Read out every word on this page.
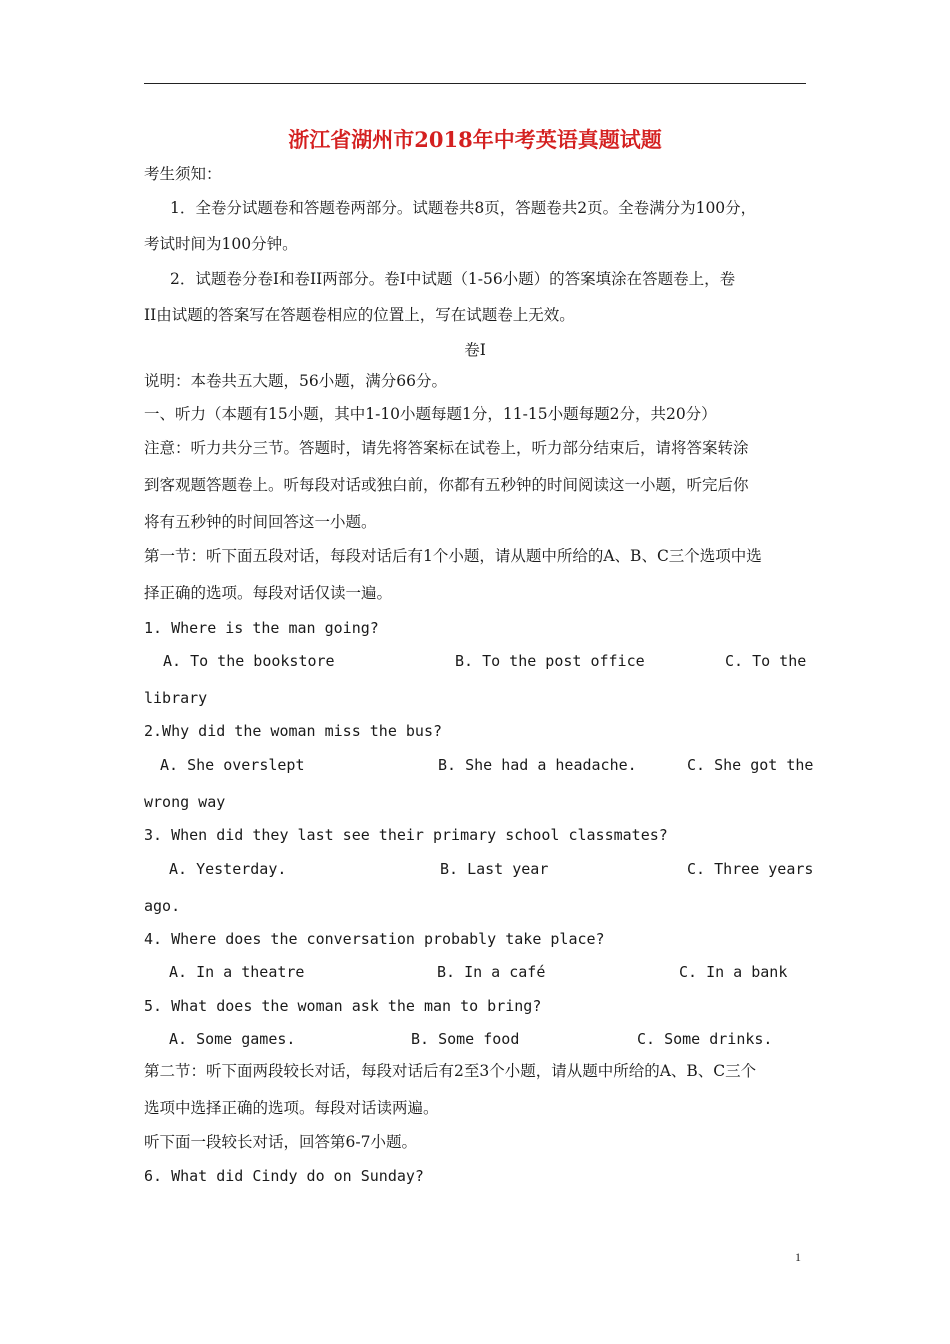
浙江省湖州市2018年中考英语真题试题
考生须知：
1．全卷分试题卷和答题卷两部分。试题卷共8页，答题卷共2页。全卷满分为100分，
考试时间为100分钟。
2．试题卷分卷Ⅰ和卷II两部分。卷Ⅰ中试题（1-56小题）的答案填涂在答题卷上，卷
II由试题的答案写在答题卷相应的位置上，写在试题卷上无效。
卷Ⅰ
说明：本卷共五大题，56小题，满分66分。
一、听力（本题有15小题，其中1-10小题每题1分，11-15小题每题2分，共20分）
注意：听力共分三节。答题时，请先将答案标在试卷上，听力部分结束后，请将答案转涂
到客观题答题卷上。听每段对话或独白前，你都有五秒钟的时间阅读这一小题，听完后你
将有五秒钟的时间回答这一小题。
第一节：听下面五段对话，每段对话后有1个小题，请从题中所给的A、B、C三个选项中选
择正确的选项。每段对话仅读一遍。
1. Where is the man going?
A. To the bookstore	B. To the post office	C. To the
library
2.Why did the woman miss the bus?
A. She overslept	B. She had a headache.	C. She got the
wrong way
3. When did they last see their primary school classmates?
A. Yesterday.	B. Last year	C. Three years
ago.
4. Where does the conversation probably take place?
A. In a theatre	B. In a café	C. In a bank
5. What does the woman ask the man to bring?
A. Some games.	B. Some food	C. Some drinks.
第二节：听下面两段较长对话，每段对话后有2至3个小题，请从题中所给的A、B、C三个
选项中选择正确的选项。每段对话读两遍。
听下面一段较长对话，回答第6-7小题。
6. What did Cindy do on Sunday?
1
